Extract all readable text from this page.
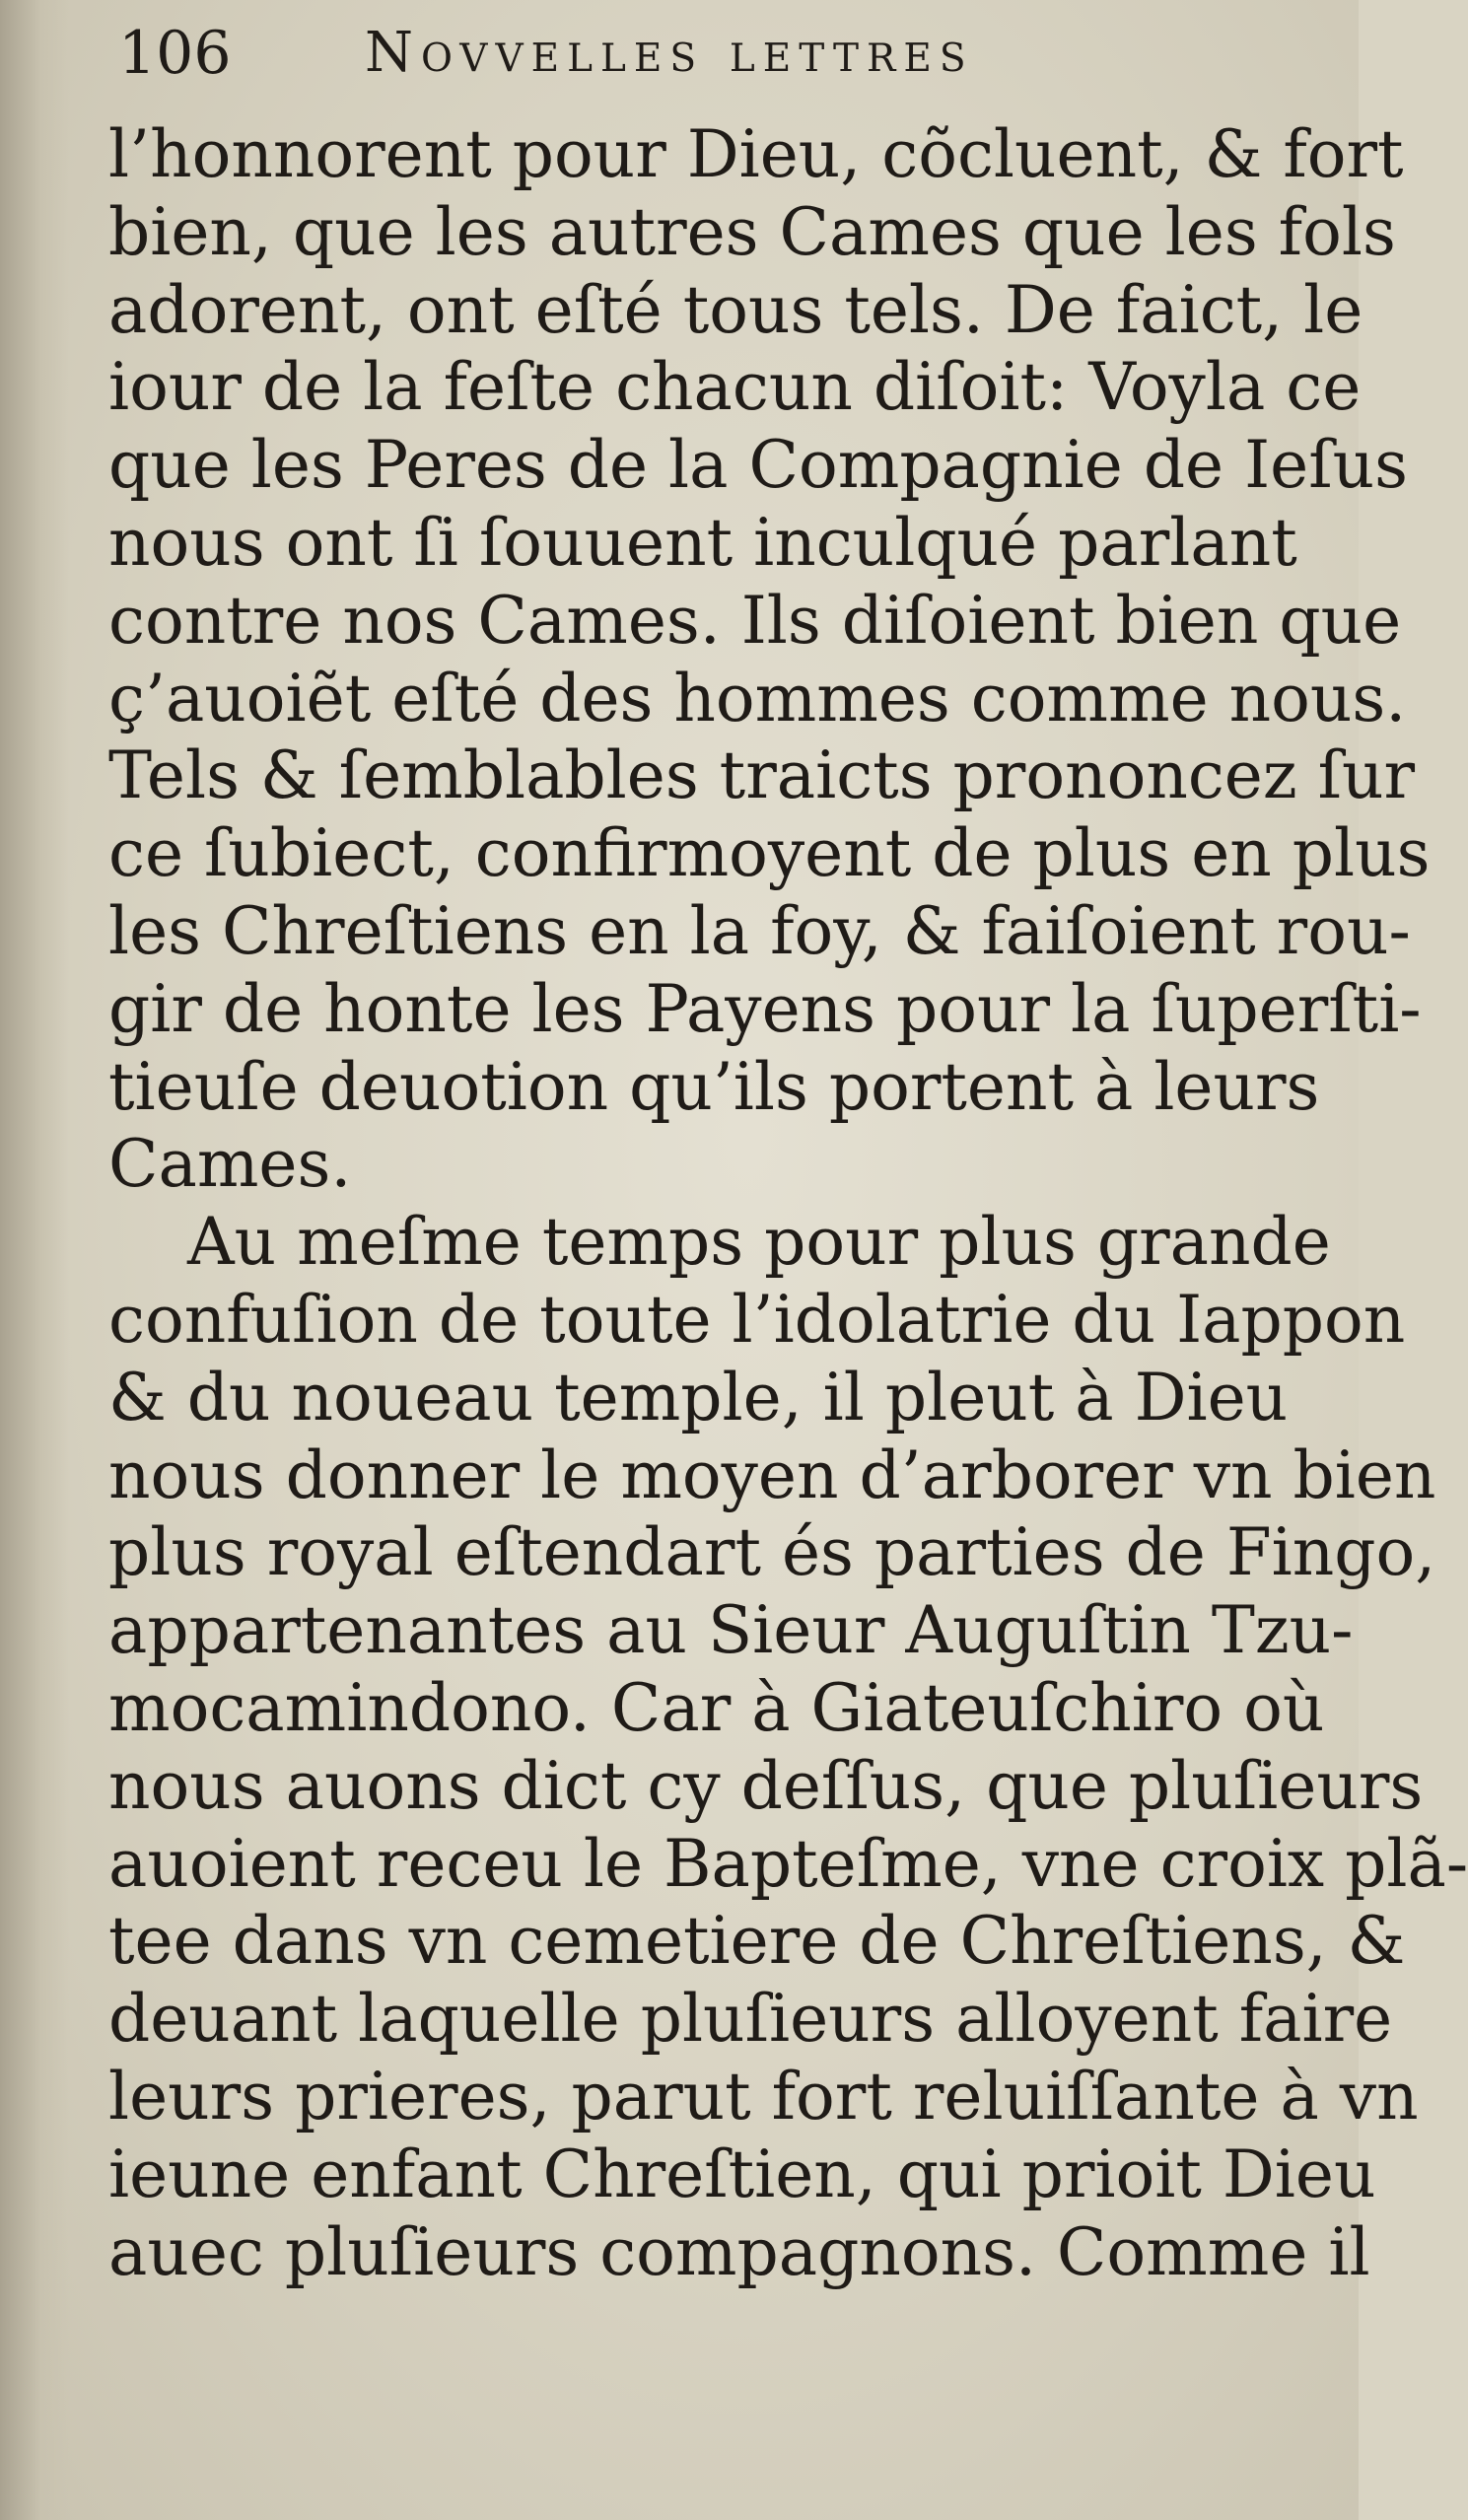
106 Novvelles lettres
l’honnorent pour Dieu, cõcluent, & fort
bien, que les autres Cames que les fols
adorent, ont eſté tous tels. De faict, le
iour de la feſte chacun diſoit: Voyla ce
que les Peres de la Compagnie de Ieſus
nous ont ſi ſouuent inculqué parlant
contre nos Cames. Ils diſoient bien que
ç’auoiẽt eſté des hommes comme nous.
Tels & ſemblables traicts prononcez ſur
ce ſubiect, confirmoyent de plus en plus
les Chreſtiens en la foy, & faiſoient rou-
gir de honte les Payens pour la ſuperſti-
tieuſe deuotion qu’ils portent à leurs
Cames.
Au meſme temps pour plus grande
confuſion de toute l’idolatrie du Iappon
& du noueau temple, il pleut à Dieu
nous donner le moyen d’arborer vn bien
plus royal eſtendart és parties de Fingo,
appartenantes au Sieur Auguſtin Tzu-
mocamindono. Car à Giateuſchiro où
nous auons dict cy deſſus, que pluſieurs
auoient receu le Bapteſme, vne croix plã-
tee dans vn cemetiere de Chreſtiens, &
deuant laquelle pluſieurs alloyent faire
leurs prieres, parut fort reluiſſante à vn
ieune enfant Chreſtien, qui prioit Dieu
auec pluſieurs compagnons. Comme il
